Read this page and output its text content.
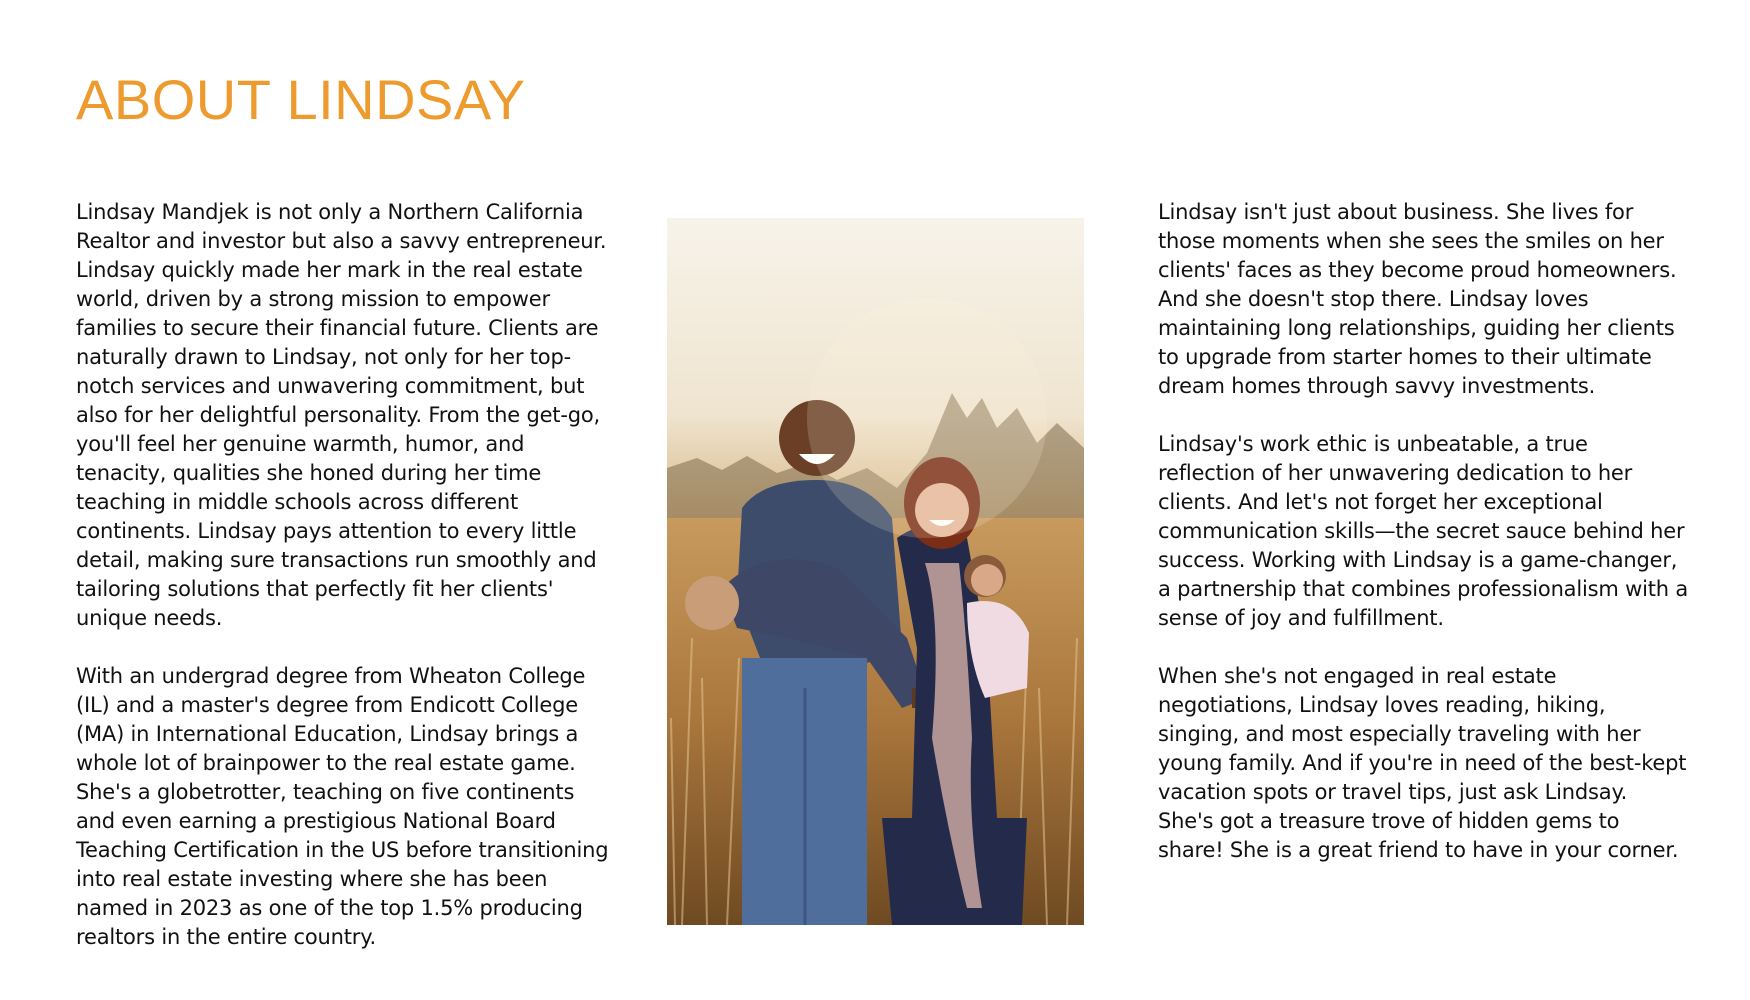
ABOUT LINDSAY

Lindsay Mandjek is not only a Northern California Realtor and investor but also a savvy entrepreneur. Lindsay quickly made her mark in the real estate world, driven by a strong mission to empower families to secure their financial future. Clients are naturally drawn to Lindsay, not only for her top-notch services and unwavering commitment, but also for her delightful personality. From the get-go, you'll feel her genuine warmth, humor, and tenacity, qualities she honed during her time teaching in middle schools across different continents. Lindsay pays attention to every little detail, making sure transactions run smoothly and tailoring solutions that perfectly fit her clients' unique needs.

With an undergrad degree from Wheaton College (IL) and a master's degree from Endicott College (MA) in International Education, Lindsay brings a whole lot of brainpower to the real estate game. She's a globetrotter, teaching on five continents and even earning a prestigious National Board Teaching Certification in the US before transitioning into real estate investing where she has been named in 2023 as one of the top 1.5% producing realtors in the entire country.

Lindsay isn't just about business. She lives for those moments when she sees the smiles on her clients' faces as they become proud homeowners. And she doesn't stop there. Lindsay loves maintaining long relationships, guiding her clients to upgrade from starter homes to their ultimate dream homes through savvy investments.

Lindsay's work ethic is unbeatable, a true reflection of her unwavering dedication to her clients. And let's not forget her exceptional communication skills—the secret sauce behind her success. Working with Lindsay is a game-changer, a partnership that combines professionalism with a sense of joy and fulfillment.

When she's not engaged in real estate negotiations, Lindsay loves reading, hiking, singing, and most especially traveling with her young family. And if you're in need of the best-kept vacation spots or travel tips, just ask Lindsay. She's got a treasure trove of hidden gems to share! She is a great friend to have in your corner.
